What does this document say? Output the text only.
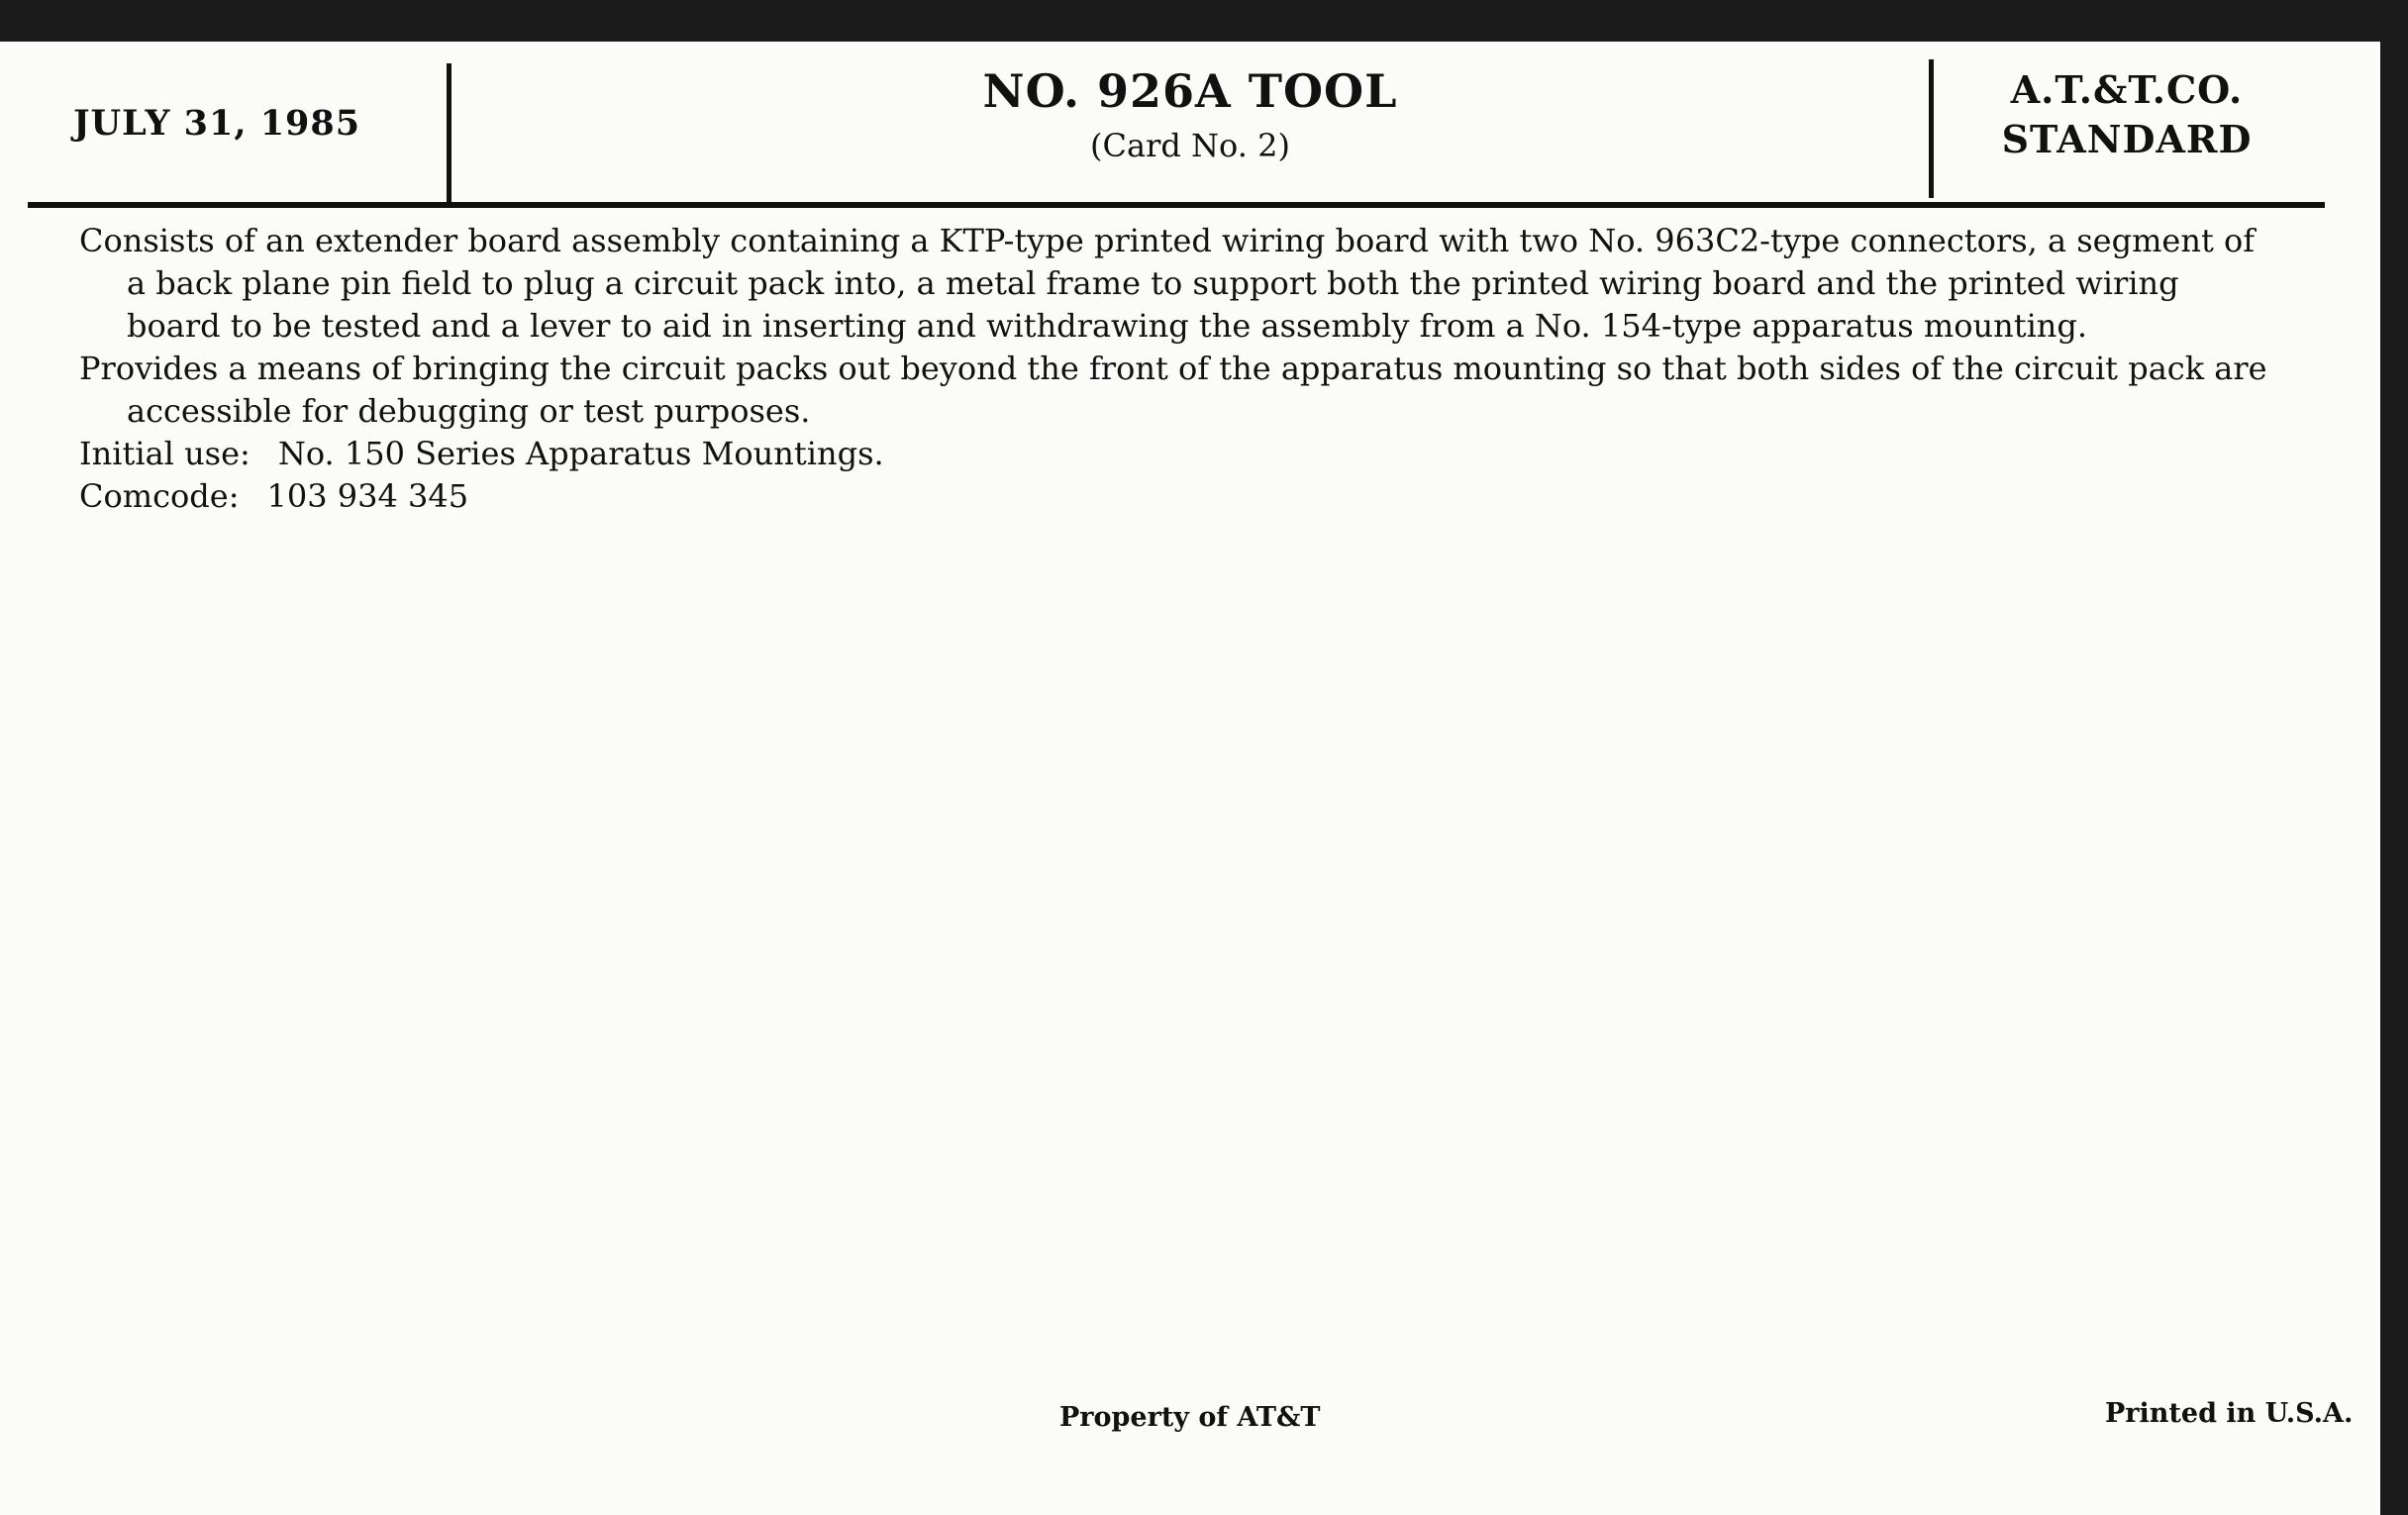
JULY 31, 1985
NO. 926A TOOL
(Card No. 2)
A.T.&T.CO.
STANDARD

Consists of an extender board assembly containing a KTP-type printed wiring board with two No. 963C2-type connectors, a segment of a back plane pin field to plug a circuit pack into, a metal frame to support both the printed wiring board and the printed wiring board to be tested and a lever to aid in inserting and withdrawing the assembly from a No. 154-type apparatus mounting.

Provides a means of bringing the circuit packs out beyond the front of the apparatus mounting so that both sides of the circuit pack are accessible for debugging or test purposes.

Initial use: No. 150 Series Apparatus Mountings.

Comcode: 103 934 345

Property of AT&T	Printed in U.S.A.
